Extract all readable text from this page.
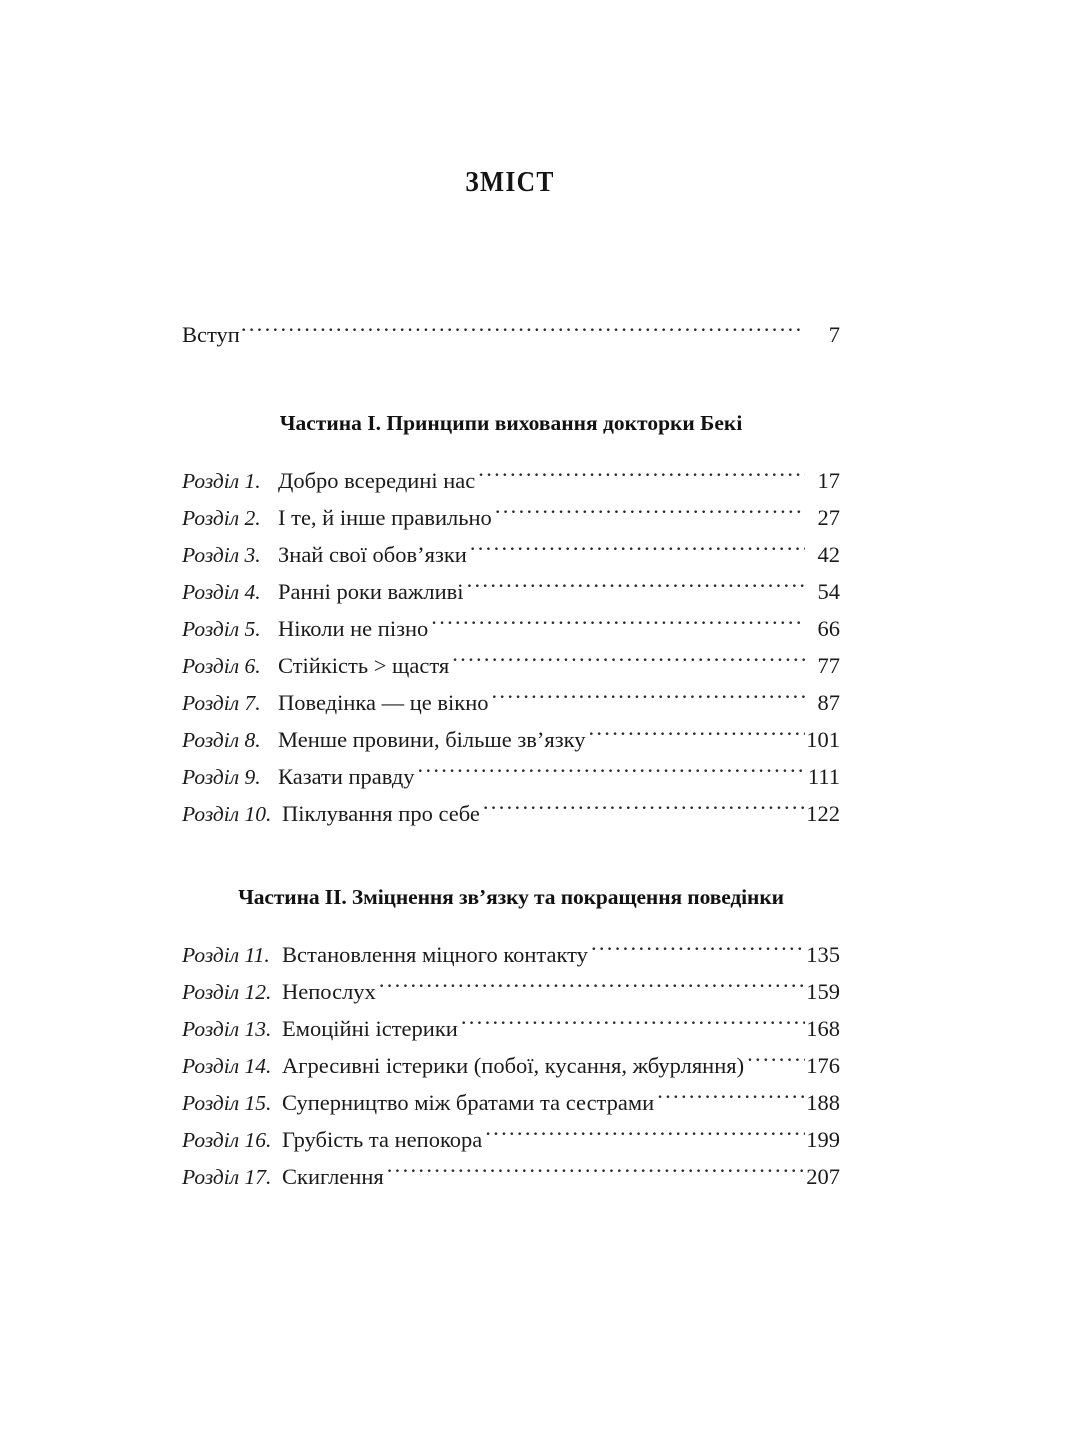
ЗМІСТ
Вступ .....	7
Частина I. Принципи виховання докторки Бекі
Розділ 1. Добро всередині нас .....	17
Розділ 2. І те, й інше правильно .....	27
Розділ 3. Знай свої обов’язки .....	42
Розділ 4. Ранні роки важливі .....	54
Розділ 5. Ніколи не пізно .....	66
Розділ 6. Стійкість > щастя .....	77
Розділ 7. Поведінка — це вікно .....	87
Розділ 8. Менше провини, більше зв’язку .....	101
Розділ 9. Казати правду .....	111
Розділ 10. Піклування про себе .....	122
Частина II. Зміцнення зв’язку та покращення поведінки
Розділ 11. Встановлення міцного контакту .....	135
Розділ 12. Непослух .....	159
Розділ 13. Емоційні істерики .....	168
Розділ 14. Агресивні істерики (побої, кусання, жбурляння) .....	176
Розділ 15. Суперництво між братами та сестрами .....	188
Розділ 16. Грубість та непокора .....	199
Розділ 17. Скиглення .....	207
